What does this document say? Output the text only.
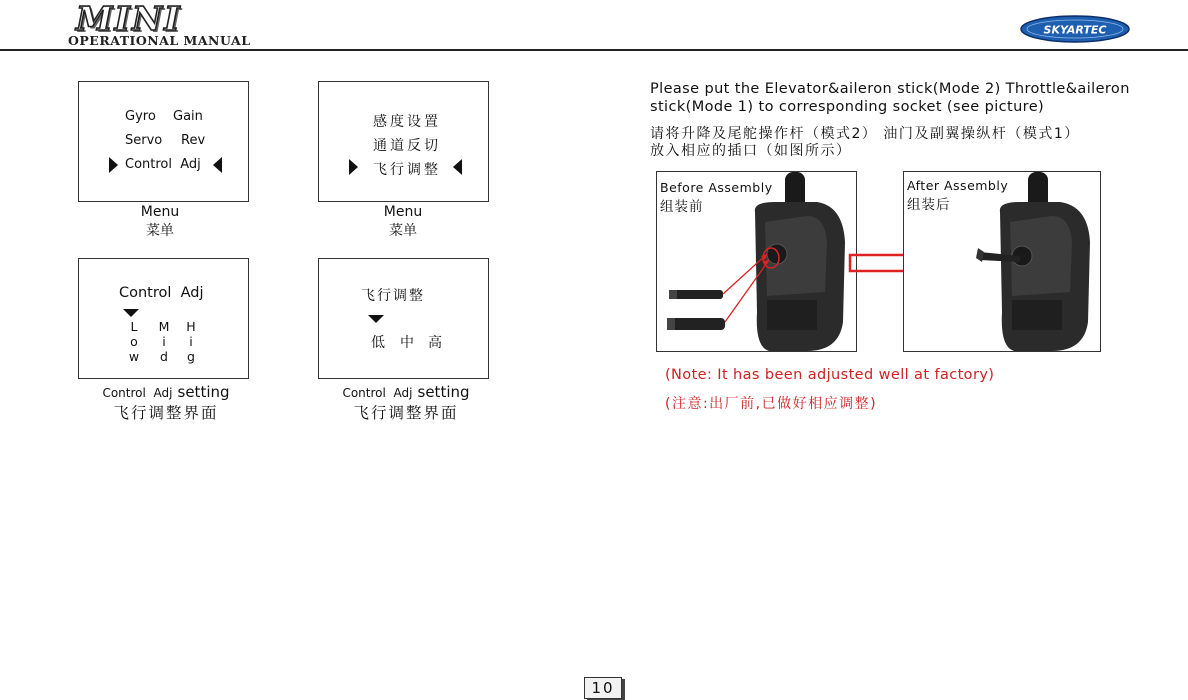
MINI
OPERATIONAL MANUAL
SKYARTEC
Gyro Gain
Servo Rev
Control  Adj
Menu
菜单
感度设置
通道反切
飞行调整
Menu
菜单
Control  Adj
L
o
w
M
i
d
H
i
g
Control  Adj setting
飞行调整界面
飞行调整
低 中 高
Control  Adj setting
飞行调整界面
Please put the Elevator&aileron stick(Mode 2) Throttle&aileron
stick(Mode 1) to corresponding socket (see picture)
请将升降及尾舵操作杆（模式2） 油门及副翼操纵杆（模式1）
放入相应的插口（如图所示）
Before Assembly
组装前
After Assembly
组装后
(Note: It has been adjusted well at factory)
(注意:出厂前,已做好相应调整)
10
